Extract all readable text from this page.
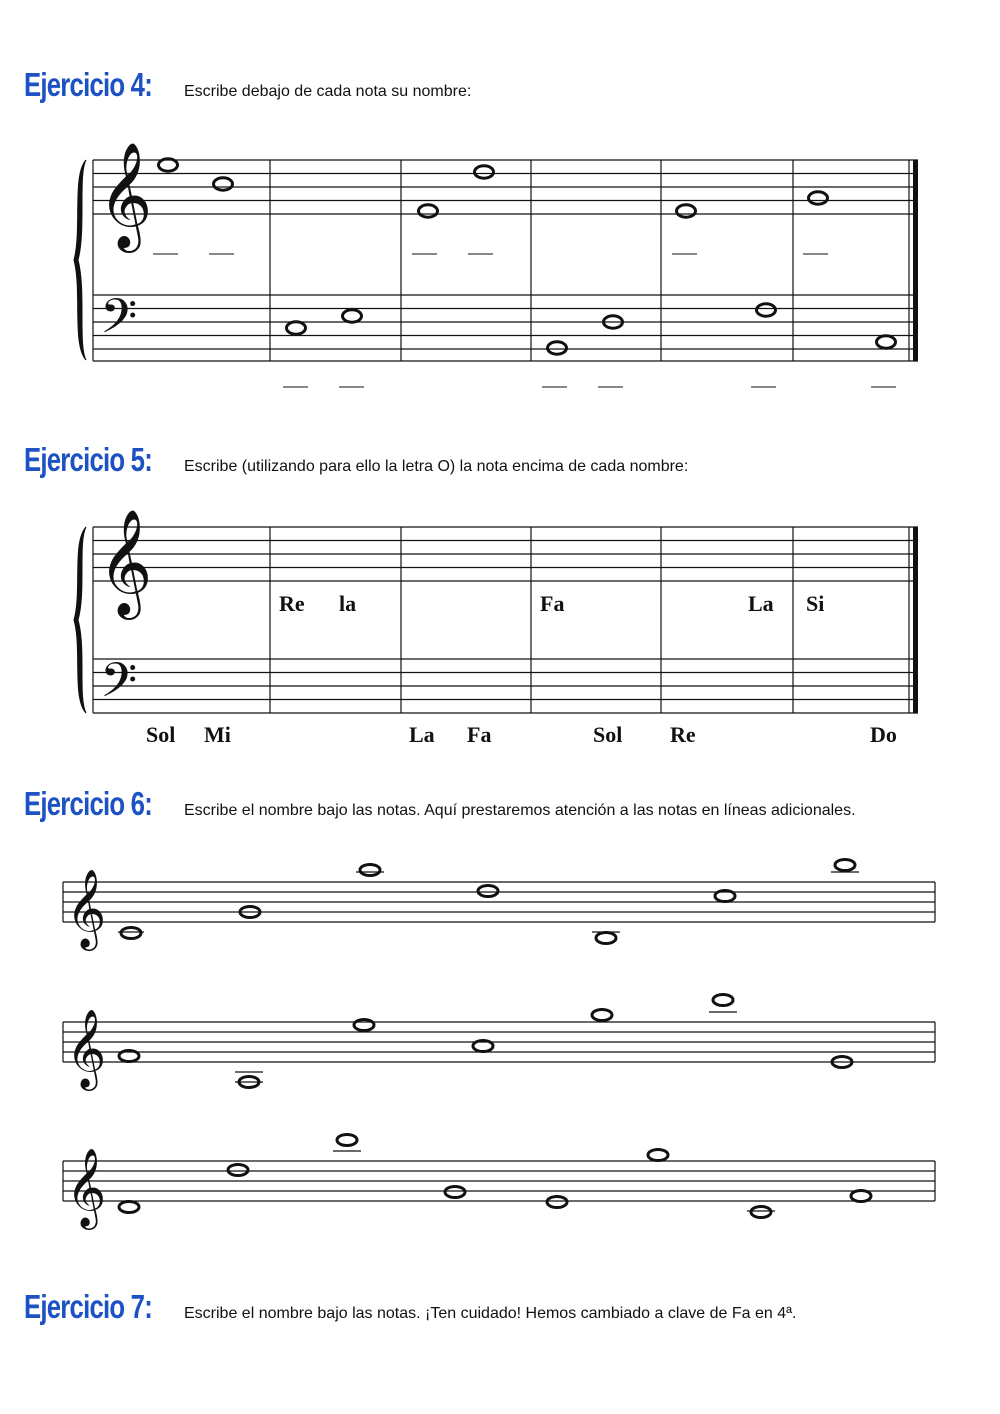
Ejercicio 4: Escribe debajo de cada nota su nombre:
Ejercicio 5: Escribe (utilizando para ello la letra O) la nota encima de cada nombre:
Ejercicio 6: Escribe el nombre bajo las notas. Aquí prestaremos atención a las notas en líneas adicionales.
Ejercicio 7: Escribe el nombre bajo las notas. ¡Ten cuidado! Hemos cambiado a clave de Fa en 4ª.
𝄞
𝄢
𝄞
𝄢
𝄞
𝄞
𝄞
Re la	Fa	La Si
Sol Mi	La Fa	Sol Re	Do
